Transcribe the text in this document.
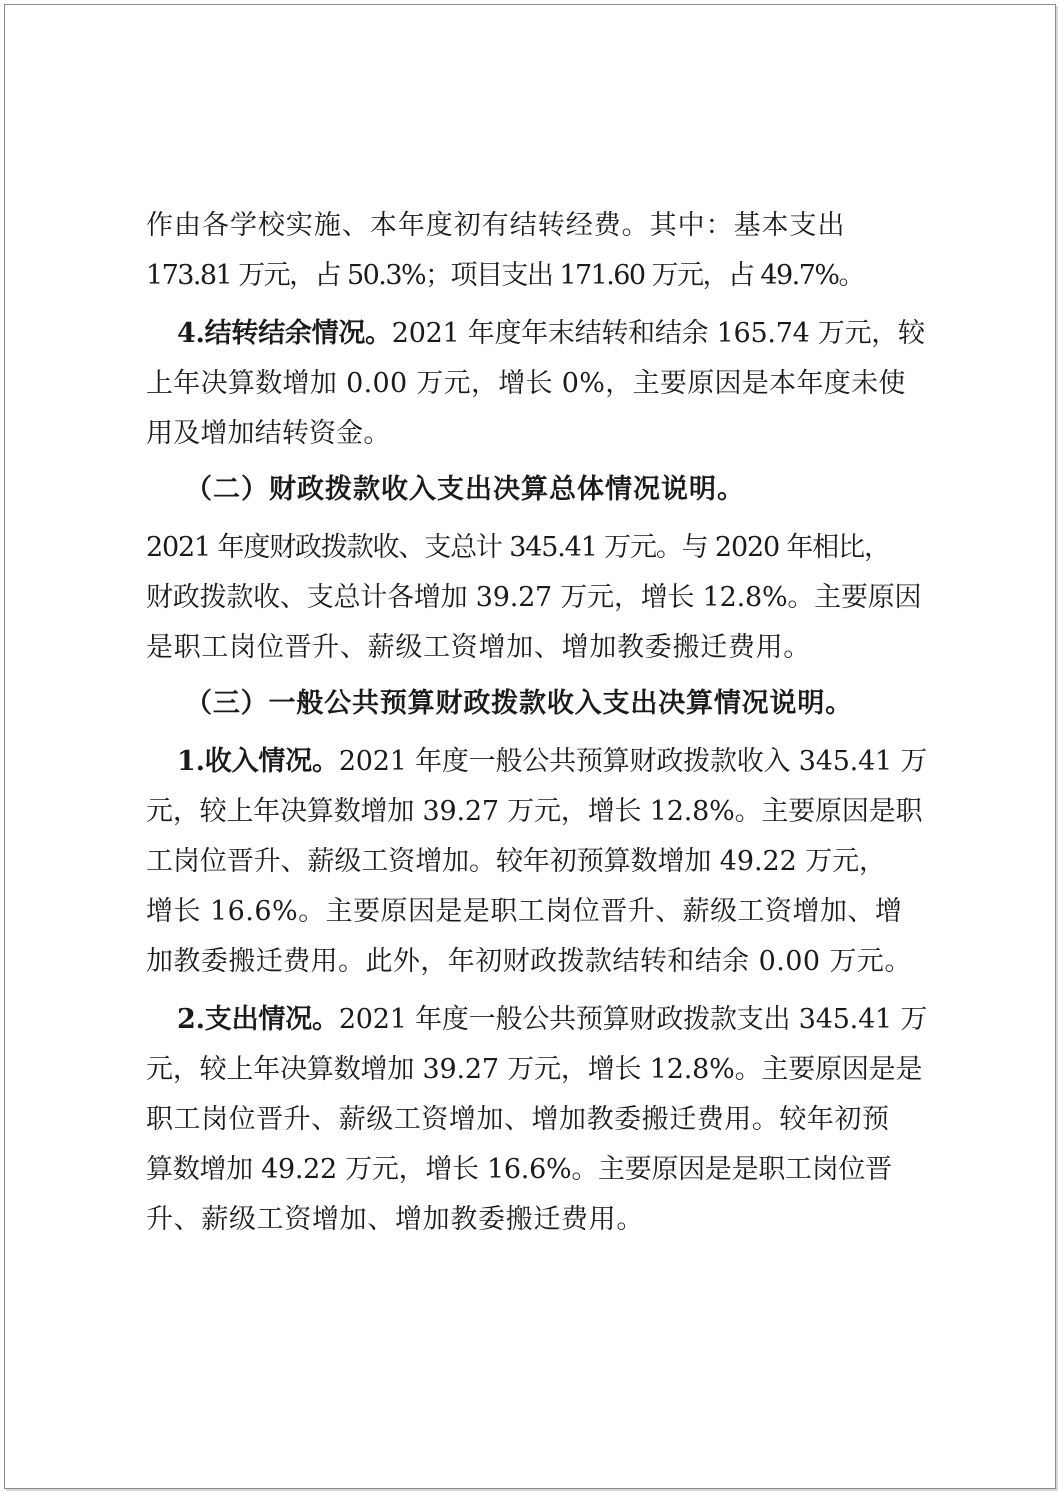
作由各学校实施、本年度初有结转经费。其中：基本支出
173.81 万元，占 50.3%；项目支出 171.60 万元，占 49.7%。
4.结转结余情况。2021 年度年末结转和结余 165.74 万元，较
上年决算数增加 0.00 万元，增长 0%，主要原因是本年度未使
用及增加结转资金。
（二）财政拨款收入支出决算总体情况说明。
2021 年度财政拨款收、支总计 345.41 万元。与 2020 年相比，
财政拨款收、支总计各增加 39.27 万元，增长 12.8%。主要原因
是职工岗位晋升、薪级工资增加、增加教委搬迁费用。
（三）一般公共预算财政拨款收入支出决算情况说明。
1.收入情况。2021 年度一般公共预算财政拨款收入 345.41 万
元，较上年决算数增加 39.27 万元，增长 12.8%。主要原因是职
工岗位晋升、薪级工资增加。较年初预算数增加 49.22 万元，
增长 16.6%。主要原因是是职工岗位晋升、薪级工资增加、增
加教委搬迁费用。此外，年初财政拨款结转和结余 0.00 万元。
2.支出情况。2021 年度一般公共预算财政拨款支出 345.41 万
元，较上年决算数增加 39.27 万元，增长 12.8%。主要原因是是
职工岗位晋升、薪级工资增加、增加教委搬迁费用。较年初预
算数增加 49.22 万元，增长 16.6%。主要原因是是职工岗位晋
升、薪级工资增加、增加教委搬迁费用。
